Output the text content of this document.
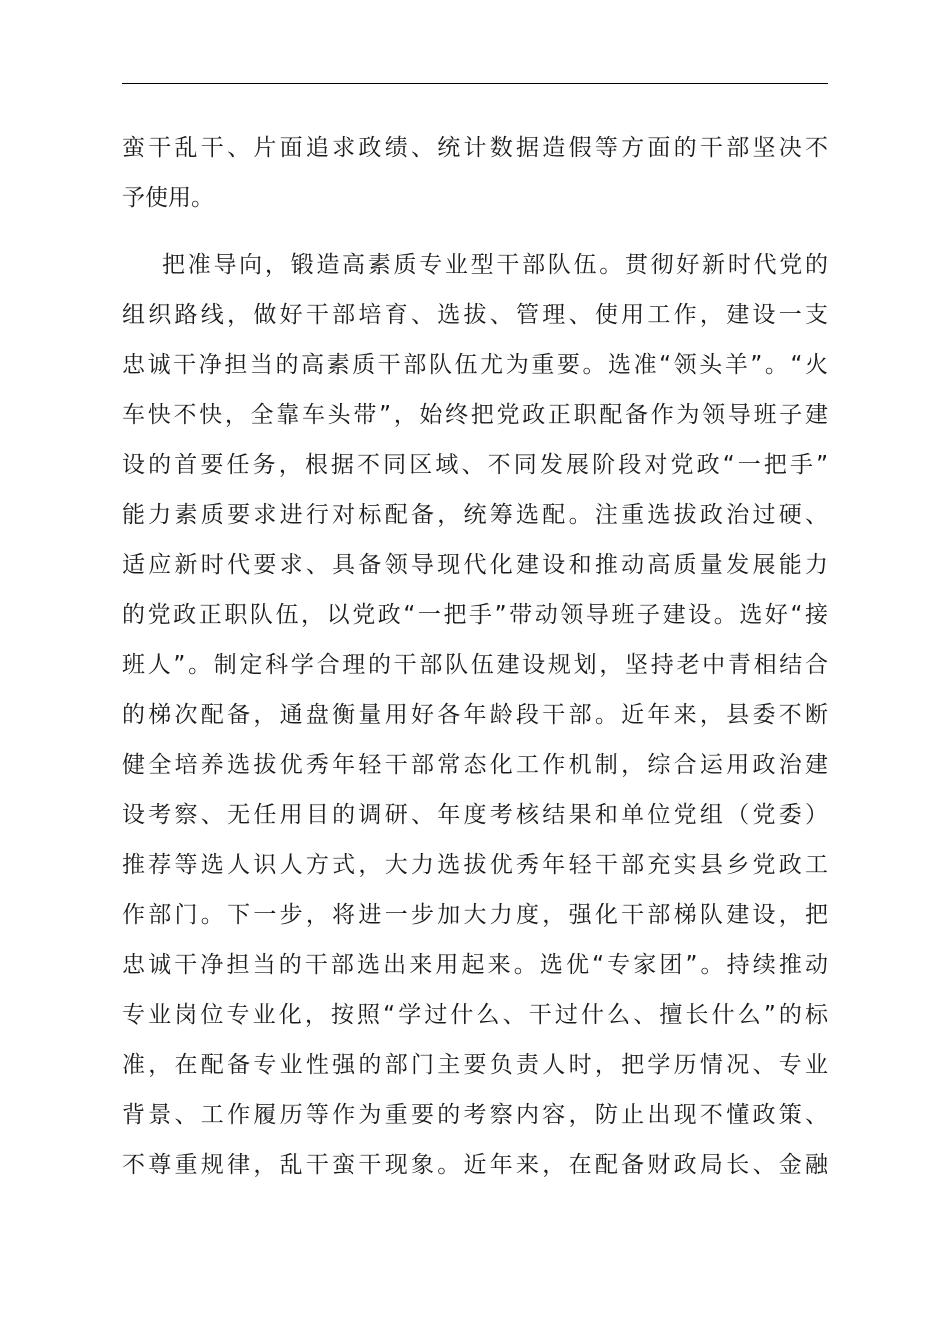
蛮干乱干、片面追求政绩、统计数据造假等方面的干部坚决不
予使用。
把准导向，锻造高素质专业型干部队伍。贯彻好新时代党的
组织路线，做好干部培育、选拔、管理、使用工作，建设一支
忠诚干净担当的高素质干部队伍尤为重要。选准“领头羊”。“火
车快不快，全靠车头带”，始终把党政正职配备作为领导班子建
设的首要任务，根据不同区域、不同发展阶段对党政“一把手”
能力素质要求进行对标配备，统筹选配。注重选拔政治过硬、
适应新时代要求、具备领导现代化建设和推动高质量发展能力
的党政正职队伍，以党政“一把手”带动领导班子建设。选好“接
班人”。制定科学合理的干部队伍建设规划，坚持老中青相结合
的梯次配备，通盘衡量用好各年龄段干部。近年来，县委不断
健全培养选拔优秀年轻干部常态化工作机制，综合运用政治建
设考察、无任用目的调研、年度考核结果和单位党组（党委）
推荐等选人识人方式，大力选拔优秀年轻干部充实县乡党政工
作部门。下一步，将进一步加大力度，强化干部梯队建设，把
忠诚干净担当的干部选出来用起来。选优“专家团”。持续推动
专业岗位专业化，按照“学过什么、干过什么、擅长什么”的标
准，在配备专业性强的部门主要负责人时，把学历情况、专业
背景、工作履历等作为重要的考察内容，防止出现不懂政策、
不尊重规律，乱干蛮干现象。近年来，在配备财政局长、金融
